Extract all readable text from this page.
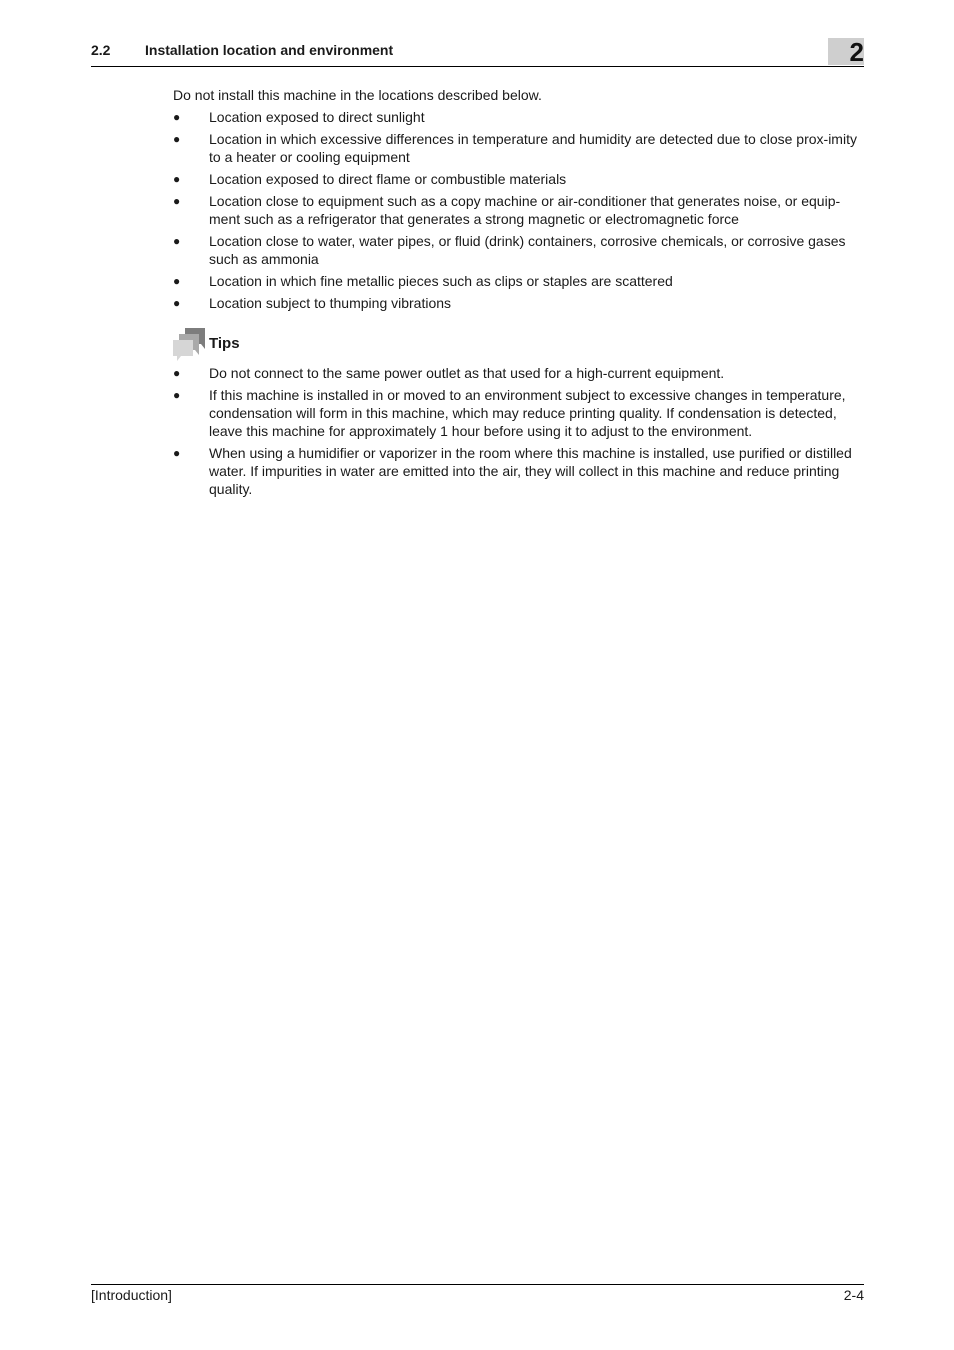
2.2 Installation location and environment	2

Do not install this machine in the locations described below.

● Location exposed to direct sunlight
● Location in which excessive differences in temperature and humidity are detected due to close prox-imity to a heater or cooling equipment
● Location exposed to direct flame or combustible materials
● Location close to equipment such as a copy machine or air-conditioner that generates noise, or equip-ment such as a refrigerator that generates a strong magnetic or electromagnetic force
● Location close to water, water pipes, or fluid (drink) containers, corrosive chemicals, or corrosive gases such as ammonia
● Location in which fine metallic pieces such as clips or staples are scattered
● Location subject to thumping vibrations
Tips
● Do not connect to the same power outlet as that used for a high-current equipment.
● If this machine is installed in or moved to an environment subject to excessive changes in temperature, condensation will form in this machine, which may reduce printing quality. If condensation is detected, leave this machine for approximately 1 hour before using it to adjust to the environment.
● When using a humidifier or vaporizer in the room where this machine is installed, use purified or distilled water. If impurities in water are emitted into the air, they will collect in this machine and reduce printing quality.
[Introduction]	2-4
